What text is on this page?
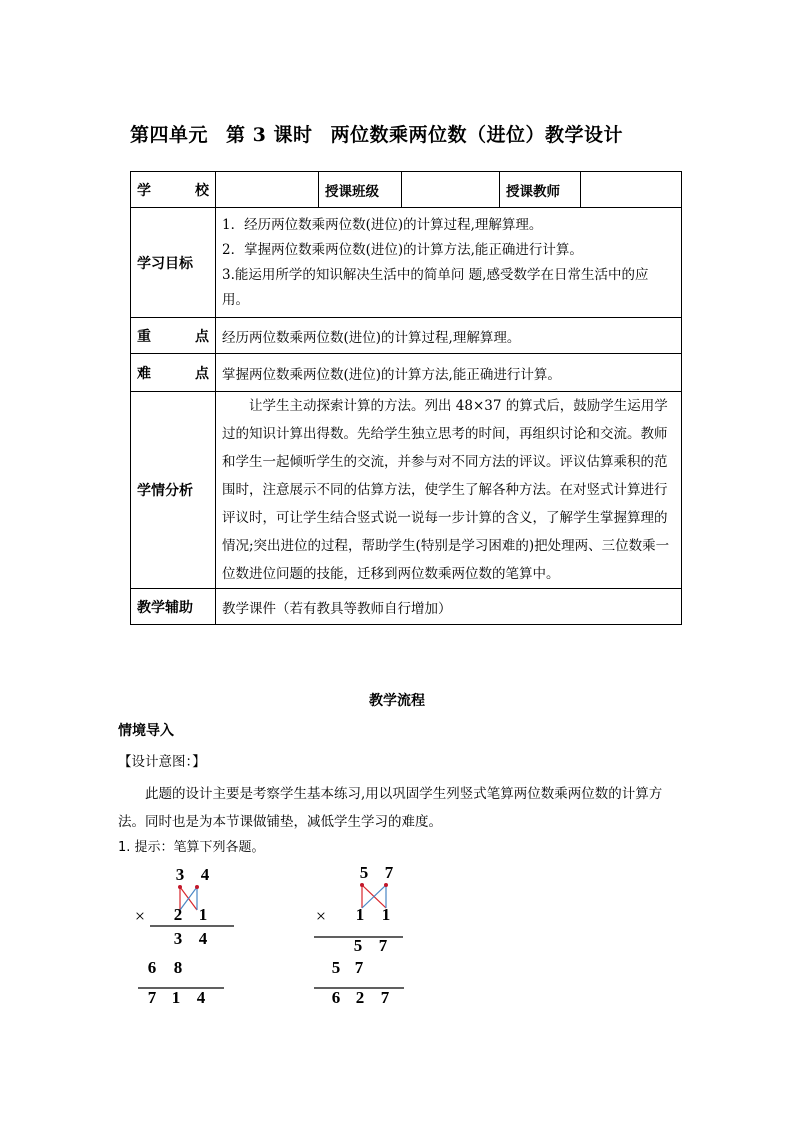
第四单元 第 3 课时 两位数乘两位数（进位）教学设计
学 校		授课班级		授课教师	
学习目标	1．经历两位数乘两位数(进位)的计算过程,理解算理。
2．掌握两位数乘两位数(进位)的计算方法,能正确进行计算。
3.能运用所学的知识解决生活中的简单问 题,感受数学在日常生活中的应用。				

重 点	经历两位数乘两位数(进位)的计算过程,理解算理。				

难 点	掌握两位数乘两位数(进位)的计算方法,能正确进行计算。				
学情分析	让学生主动探索计算的方法。列出 48×37 的算式后，鼓励学生运用学过的知识计算出得数。先给学生独立思考的时间，再组织讨论和交流。教师和学生一起倾听学生的交流，并参与对不同方法的评议。评议估算乘积的范围时，注意展示不同的估算方法，使学生了解各种方法。在对竖式计算进行评议时，可让学生结合竖式说一说每一步计算的含义，了解学生掌握算理的情况;突出进位的过程，帮助学生(特别是学习困难的)把处理两、三位数乘一位数进位问题的技能，迁移到两位数乘两位数的笔算中。				
教学辅助	教学课件（若有教具等教师自行增加）				
教学流程
情境导入
【设计意图：】
此题的设计主要是考察学生基本练习,用以巩固学生列竖式笔算两位数乘两位数的计算方法。同时也是为本节课做铺垫，减低学生学习的难度。
1. 提示：笔算下列各题。
3 4
× 2 1
3 4
6 8
7 1 4
5 7
× 1 1
5 7
5 7
6 2 7
